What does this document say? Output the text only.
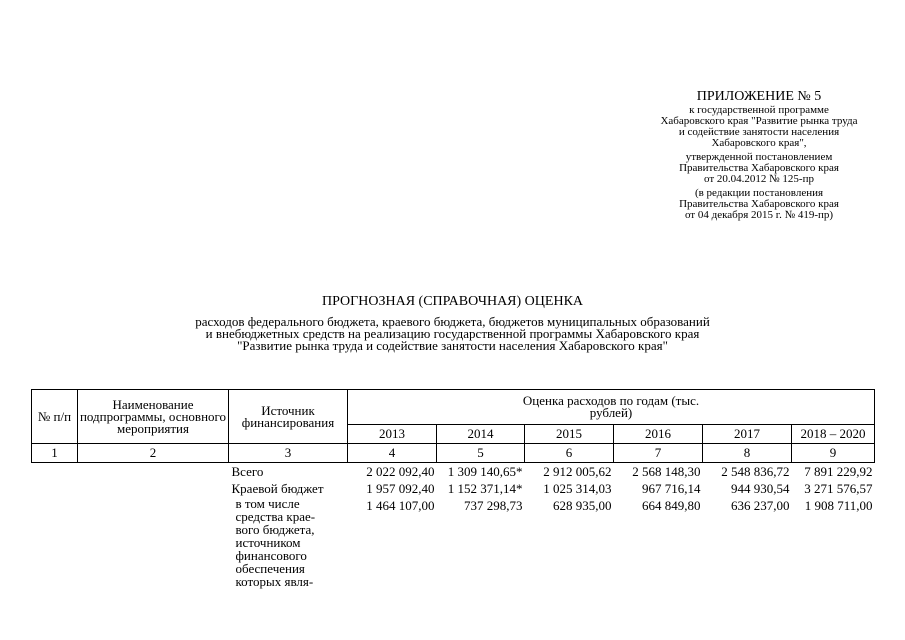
ПРИЛОЖЕНИЕ № 5
к государственной программе
Хабаровского края "Развитие рынка труда
и содействие занятости населения
Хабаровского края",
утвержденной постановлением
Правительства Хабаровского края
от 20.04.2012 № 125-пр
(в редакции постановления
Правительства Хабаровского края
от 04 декабря 2015 г. № 419-пр)
ПРОГНОЗНАЯ (СПРАВОЧНАЯ) ОЦЕНКА
расходов федерального бюджета, краевого бюджета, бюджетов муниципальных образований
и внебюджетных средств на реализацию государственной программы Хабаровского края
"Развитие рынка труда и содействие занятости населения Хабаровского края"
№ п/п	Наименование подпрограммы, основного мероприятия	Источник финансирования	Оценка расходов по годам (тыс. рублей)					

			2013	2014	2015	2016	2017	2018 – 2020
1	2	3	4	5	6	7	8	9
		Всего	2 022 092,40	1 309 140,65*	2 912 005,62	2 568 148,30	2 548 836,72	7 891 229,92
		Краевой бюджет	1 957 092,40	1 152 371,14*	1 025 314,03	967 716,14	944 930,54	3 271 576,57

		в том числе средства крае-вого бюджета, источником финансового обеспечения которых явля-	1 464 107,00	737 298,73	628 935,00	664 849,80	636 237,00	1 908 711,00
